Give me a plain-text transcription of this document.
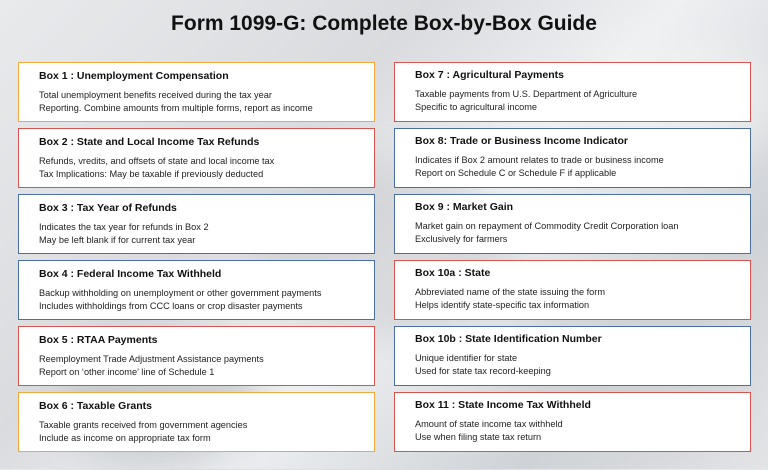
Form 1099-G: Complete Box-by-Box Guide
Box 1 : Unemployment Compensation
Total unemployment benefits received during the tax year
Reporting. Combine amounts from multiple forms, report as income
Box 2 : State and Local Income Tax Refunds
Refunds, vredits, and offsets of state and local income tax
Tax Implications: May be taxable if previously deducted
Box 3 : Tax Year of Refunds
Indicates the tax year for refunds in Box 2
May be left blank if for current tax year
Box 4 : Federal Income Tax Withheld
Backup withholding on unemployment or other government payments
Includes withholdings from CCC loans or crop disaster payments
Box 5 : RTAA Payments
Reemployment Trade Adjustment Assistance payments
Report on ‘other income’ line of Schedule 1
Box 6 : Taxable Grants
Taxable grants received from government agencies
Include as income on appropriate tax form
Box 7 : Agricultural Payments
Taxable payments from U.S. Department of Agriculture
Specific to agricultural income
Box 8: Trade or Business Income Indicator
Indicates if Box 2 amount relates to trade or business income
Report on Schedule C or Schedule F if applicable
Box 9 : Market Gain
Market gain on repayment of Commodity Credit Corporation loan
Exclusively for farmers
Box 10a : State
Abbreviated name of the state issuing the form
Helps identify state-specific tax information
Box 10b : State Identification Number
Unique identifier for state
Used for state tax record-keeping
Box 11 : State Income Tax Withheld
Amount of state income tax withheld
Use when filing state tax return
